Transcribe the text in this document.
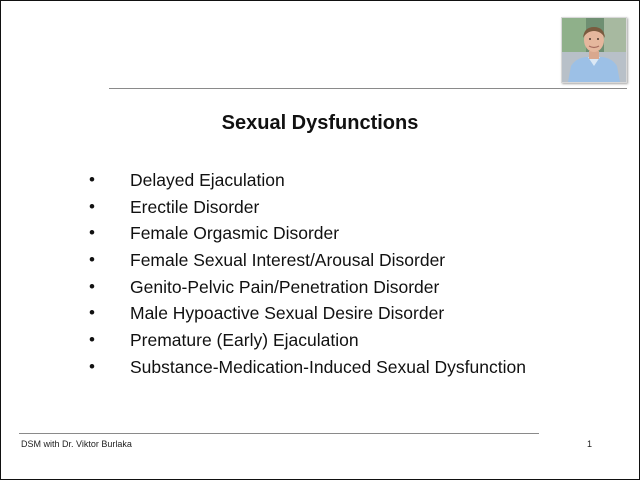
Sexual Dysfunctions
•	Delayed Ejaculation
•	Erectile Disorder
•	Female Orgasmic Disorder
•	Female Sexual Interest/Arousal Disorder
•	Genito-Pelvic Pain/Penetration Disorder
•	Male Hypoactive Sexual Desire Disorder
•	Premature (Early) Ejaculation
•	Substance-Medication-Induced Sexual Dysfunction
DSM with Dr. Viktor Burlaka	1
